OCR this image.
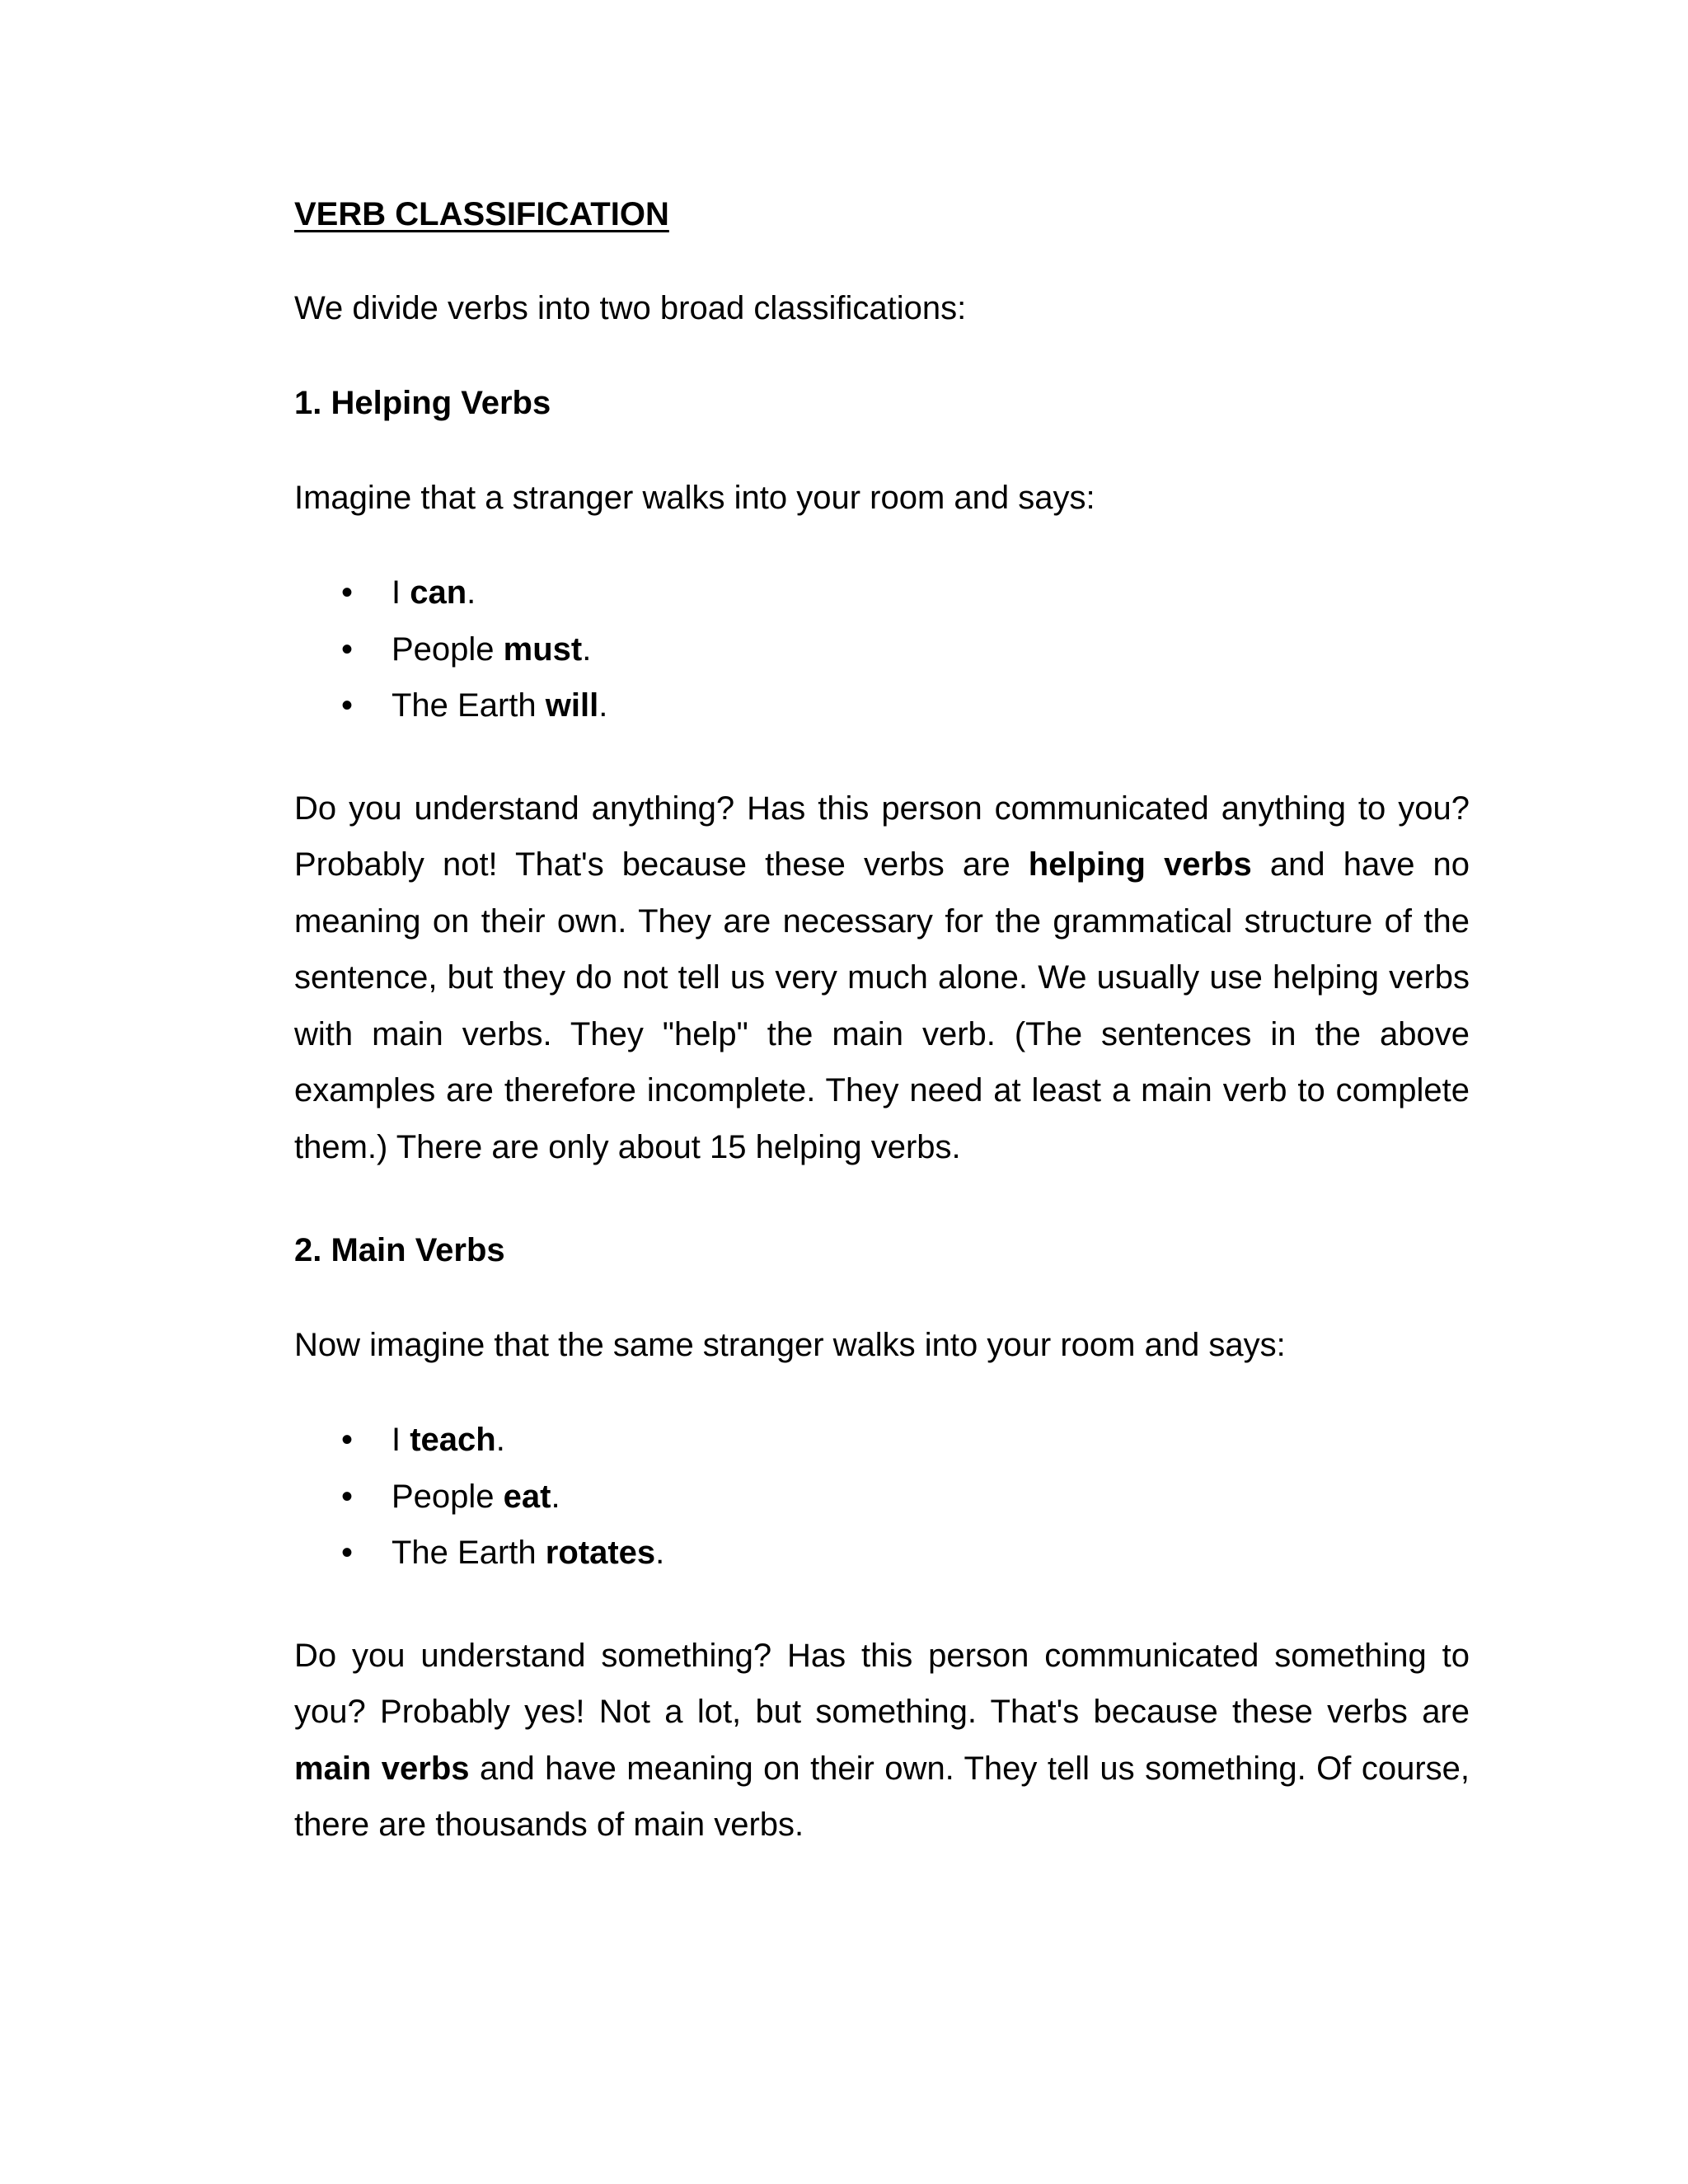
VERB CLASSIFICATION

We divide verbs into two broad classifications:

1. Helping Verbs

Imagine that a stranger walks into your room and says:

• I can.
• People must.
• The Earth will.

Do you understand anything? Has this person communicated anything to you? Probably not! That's because these verbs are helping verbs and have no meaning on their own. They are necessary for the grammatical structure of the sentence, but they do not tell us very much alone. We usually use helping verbs with main verbs. They "help" the main verb. (The sentences in the above examples are therefore incomplete. They need at least a main verb to complete them.) There are only about 15 helping verbs.

2. Main Verbs

Now imagine that the same stranger walks into your room and says:

• I teach.
• People eat.
• The Earth rotates.

Do you understand something? Has this person communicated something to you? Probably yes! Not a lot, but something. That's because these verbs are main verbs and have meaning on their own. They tell us something. Of course, there are thousands of main verbs.
